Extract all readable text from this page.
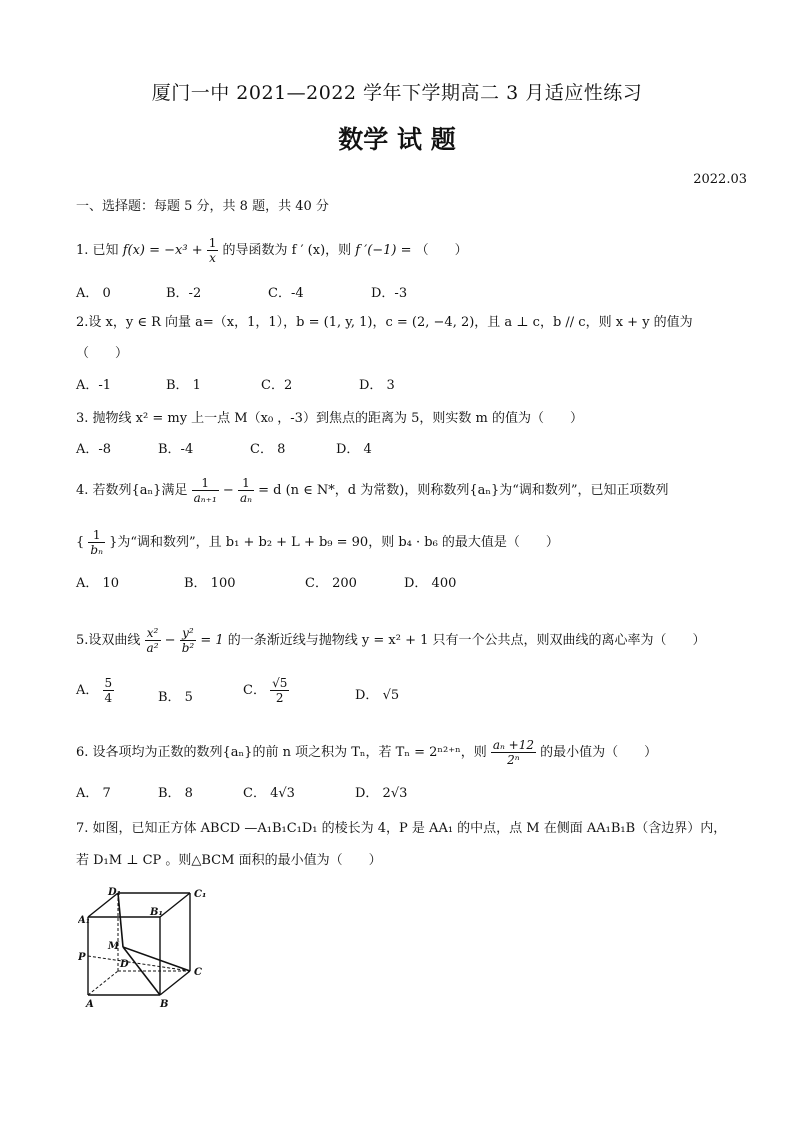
厦门一中 2021—2022 学年下学期高二 3 月适应性练习
数学 试 题
2022.03
一、选择题：每题 5 分，共 8 题，共 40 分
1. 已知 $f(x) = -x^3 + \frac{1}{x}$ 的导函数为 f ′ (x)，则 f ′(−1) = （　　）
A． 0	B．-2	C．-4	D．-3
2.设 x，y ∈ R 向量 a=（x，1，1），b = (1, y, 1)，c = (2, −4, 2)，且 a ⊥ c，b // c，则 x + y 的值为
（　　）
A．-1	B． 1	C．2	D． 3
3. 抛物线 x² = my 上一点 M（x₀ ，-3）到焦点的距离为 5，则实数 m 的值为（　　）
A．-8	B．-4	C． 8	D． 4
4. 若数列{aₙ}满足 $\frac{1}{\text{aₙ₊₁}} - \frac{1}{\text{aₙ}} = d$ (n ∈ N*，d 为常数)，则称数列{aₙ}为“调和数列”，已知正项数列
{ $\frac{1}{\text{bₙ}}$ }为“调和数列”，且 b₁ + b₂ + L + b₉ = 90，则 b₄ · b₆ 的最大值是（　　）
A． 10	B． 100	C． 200	D． 400
5.设双曲线 $\frac{\text{x²}}{\text{a²}} - \frac{\text{y²}}{\text{b²}} = 1$ 的一条渐近线与抛物线 y = x² + 1 只有一个公共点，则双曲线的离心率为（　　）
A． $\frac{5}{4}$	B． 5	C． $\frac{√5}{2}$	D． √5
6. 设各项均为正数的数列{aₙ}的前 n 项之积为 Tₙ，若 Tₙ = 2ⁿ²⁺ⁿ，则 $\frac{\text{aₙ +12}}{\text{2ⁿ}}$ 的最小值为（　　）
A． 7	B． 8	C． 4√3	D． 2√3
7. 如图，已知正方体 ABCD —A₁B₁C₁D₁ 的棱长为 4，P 是 AA₁ 的中点，点 M 在侧面 AA₁B₁B（含边界）内，
若 D₁M ⊥ CP 。则△BCM 面积的最小值为（　　）
D₁	C₁
A₁
B₁
M
P
D
C
A	B
